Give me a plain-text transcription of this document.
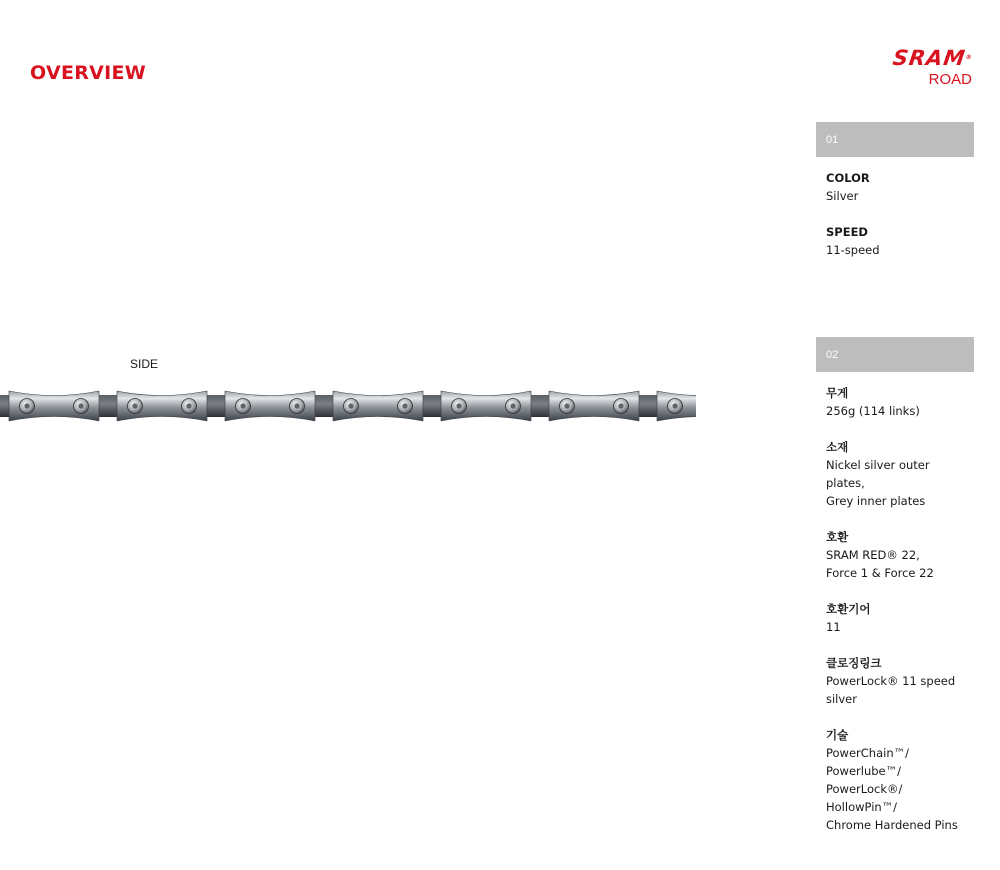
OVERVIEW
SRAM®
ROAD
SIDE
01
COLOR
Silver
SPEED
11-speed
02
무게
256g (114 links)
소재
Nickel silver outer plates,
Grey inner plates
호환
SRAM RED® 22,
Force 1 & Force 22
호환기어
11
클로징링크
PowerLock® 11 speed silver
기술
PowerChain™/ Powerlube™/
PowerLock®/ HollowPin™/
Chrome Hardened Pins
